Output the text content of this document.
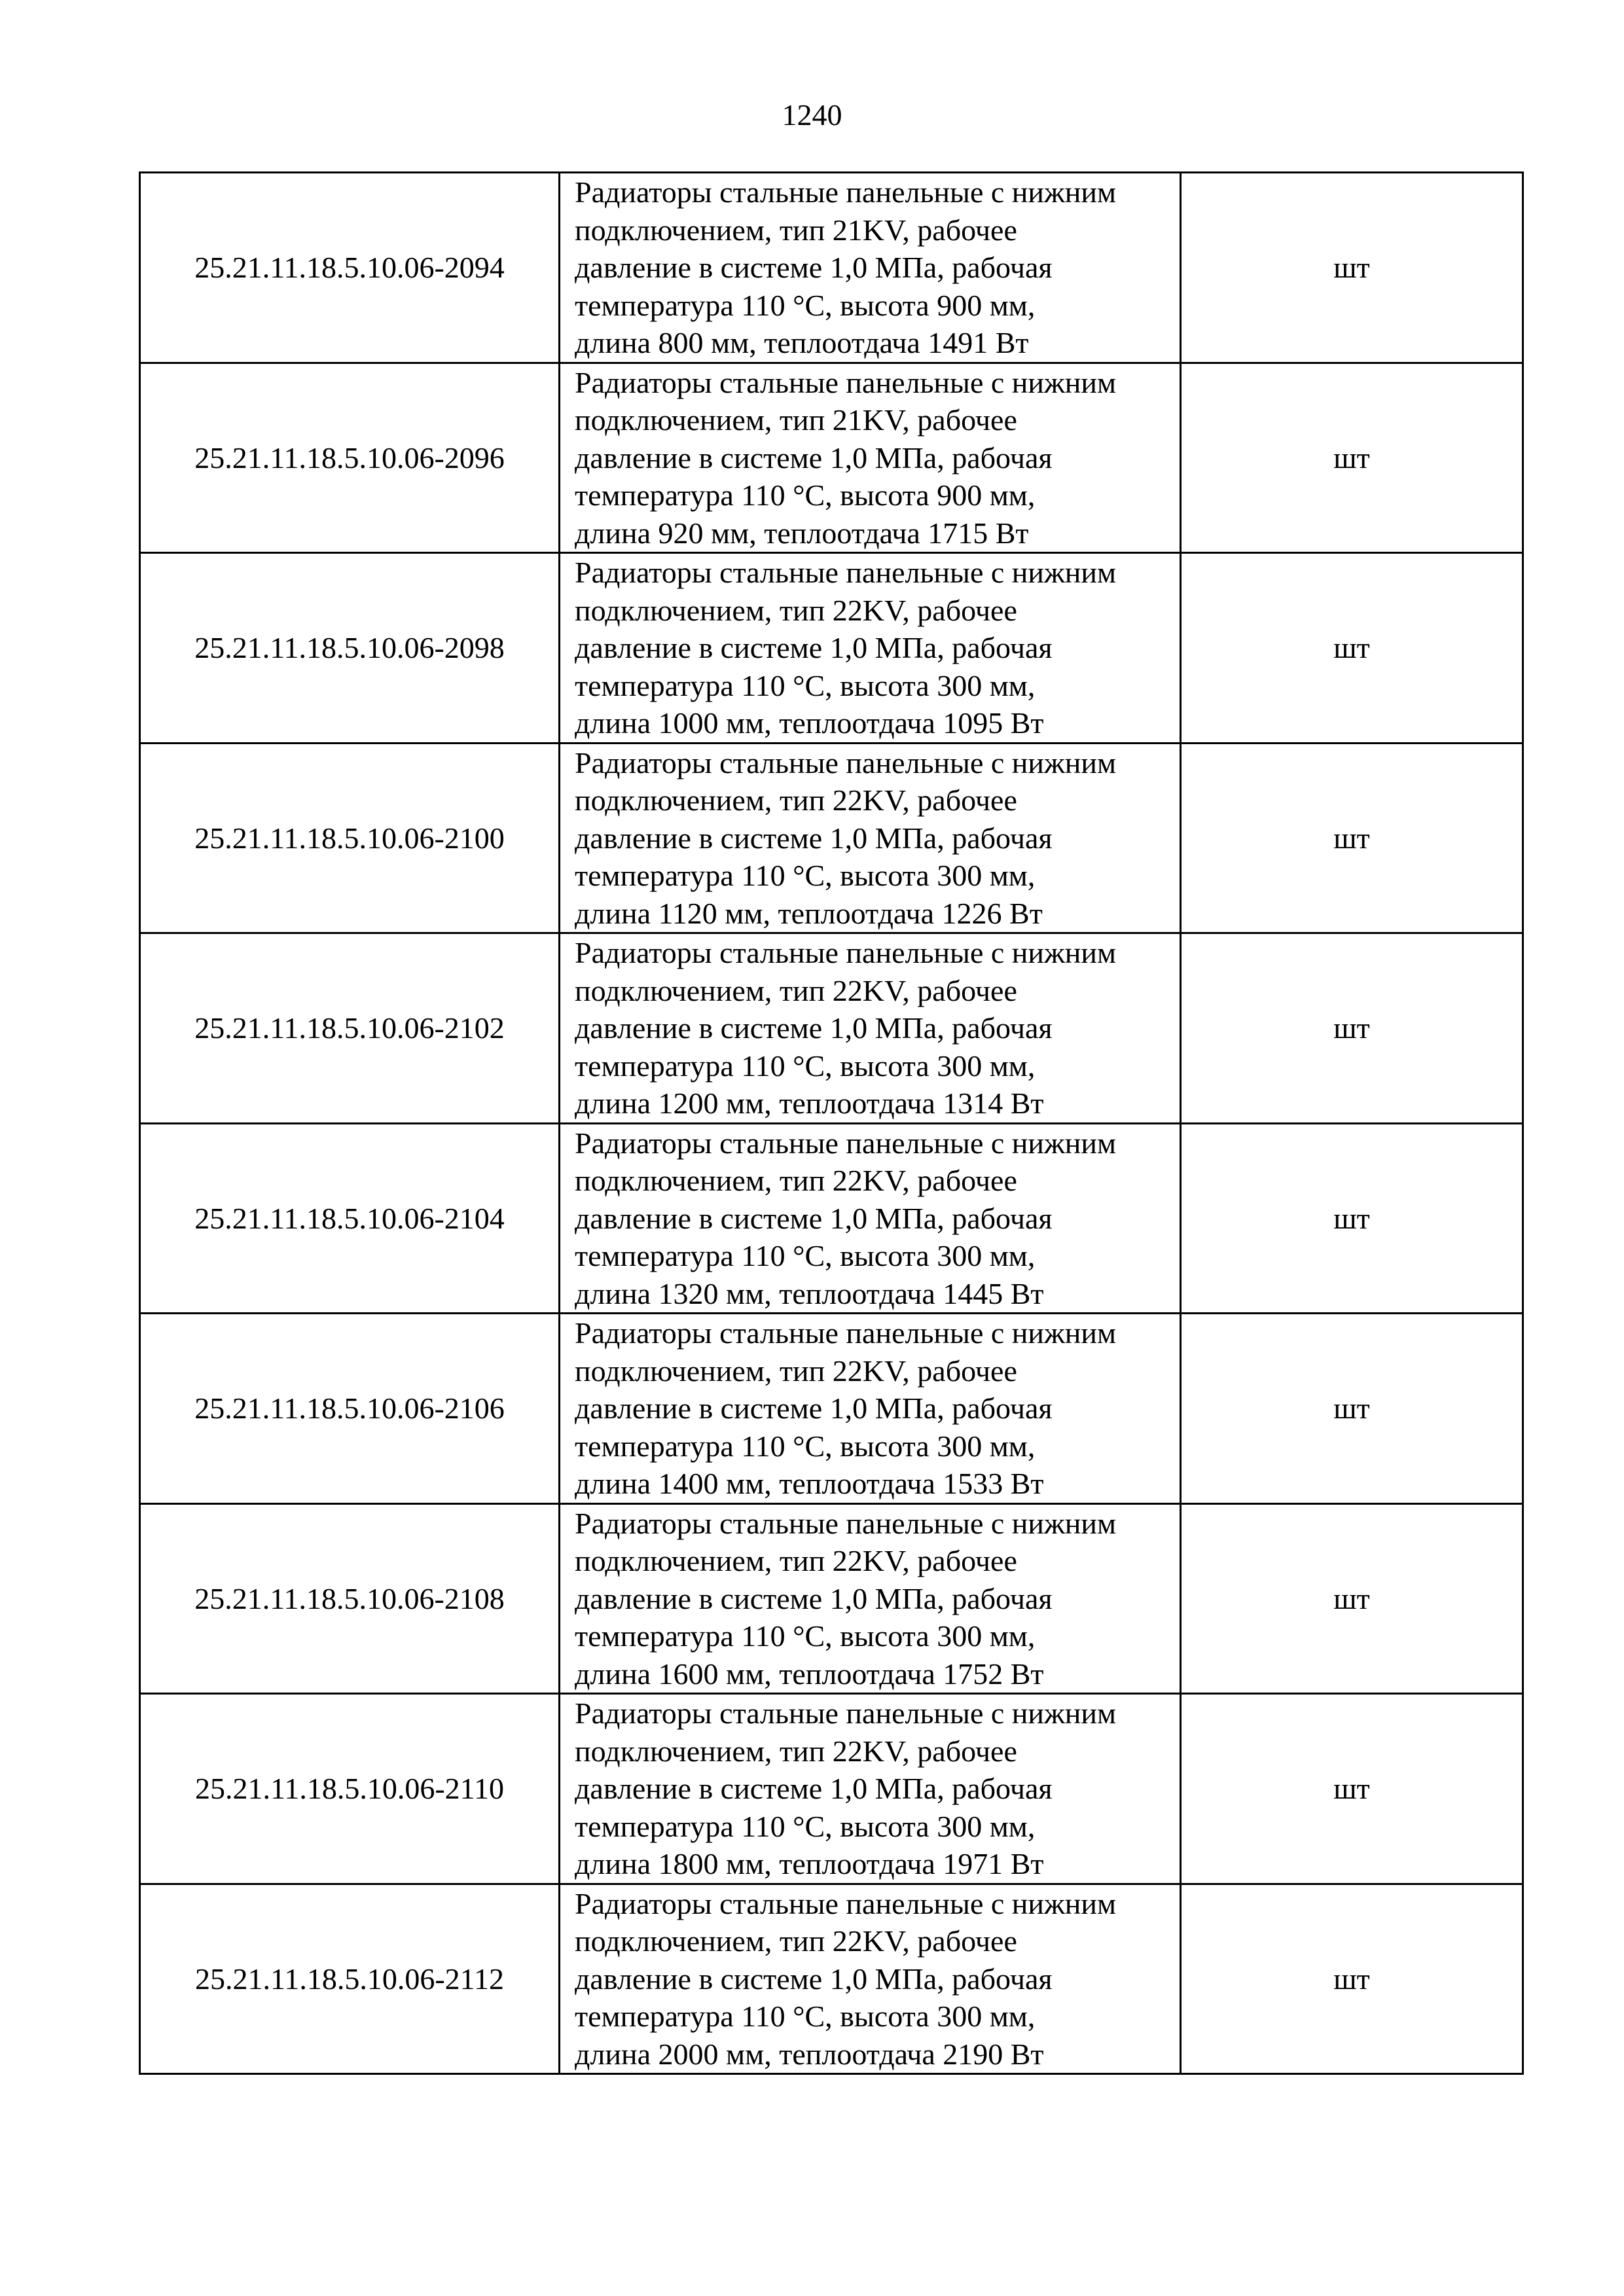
1240
25.21.11.18.5.10.06-2094	Радиаторы стальные панельные с нижним
подключением, тип 21KV, рабочее
давление в системе 1,0 МПа, рабочая
температура 110 °С, высота 900 мм,
длина 800 мм, теплоотдача 1491 Вт	шт
25.21.11.18.5.10.06-2096	Радиаторы стальные панельные с нижним
подключением, тип 21KV, рабочее
давление в системе 1,0 МПа, рабочая
температура 110 °С, высота 900 мм,
длина 920 мм, теплоотдача 1715 Вт	шт
25.21.11.18.5.10.06-2098	Радиаторы стальные панельные с нижним
подключением, тип 22KV, рабочее
давление в системе 1,0 МПа, рабочая
температура 110 °С, высота 300 мм,
длина 1000 мм, теплоотдача 1095 Вт	шт
25.21.11.18.5.10.06-2100	Радиаторы стальные панельные с нижним
подключением, тип 22KV, рабочее
давление в системе 1,0 МПа, рабочая
температура 110 °С, высота 300 мм,
длина 1120 мм, теплоотдача 1226 Вт	шт
25.21.11.18.5.10.06-2102	Радиаторы стальные панельные с нижним
подключением, тип 22KV, рабочее
давление в системе 1,0 МПа, рабочая
температура 110 °С, высота 300 мм,
длина 1200 мм, теплоотдача 1314 Вт	шт
25.21.11.18.5.10.06-2104	Радиаторы стальные панельные с нижним
подключением, тип 22KV, рабочее
давление в системе 1,0 МПа, рабочая
температура 110 °С, высота 300 мм,
длина 1320 мм, теплоотдача 1445 Вт	шт
25.21.11.18.5.10.06-2106	Радиаторы стальные панельные с нижним
подключением, тип 22KV, рабочее
давление в системе 1,0 МПа, рабочая
температура 110 °С, высота 300 мм,
длина 1400 мм, теплоотдача 1533 Вт	шт
25.21.11.18.5.10.06-2108	Радиаторы стальные панельные с нижним
подключением, тип 22KV, рабочее
давление в системе 1,0 МПа, рабочая
температура 110 °С, высота 300 мм,
длина 1600 мм, теплоотдача 1752 Вт	шт
25.21.11.18.5.10.06-2110	Радиаторы стальные панельные с нижним
подключением, тип 22KV, рабочее
давление в системе 1,0 МПа, рабочая
температура 110 °С, высота 300 мм,
длина 1800 мм, теплоотдача 1971 Вт	шт
25.21.11.18.5.10.06-2112	Радиаторы стальные панельные с нижним
подключением, тип 22KV, рабочее
давление в системе 1,0 МПа, рабочая
температура 110 °С, высота 300 мм,
длина 2000 мм, теплоотдача 2190 Вт	шт
